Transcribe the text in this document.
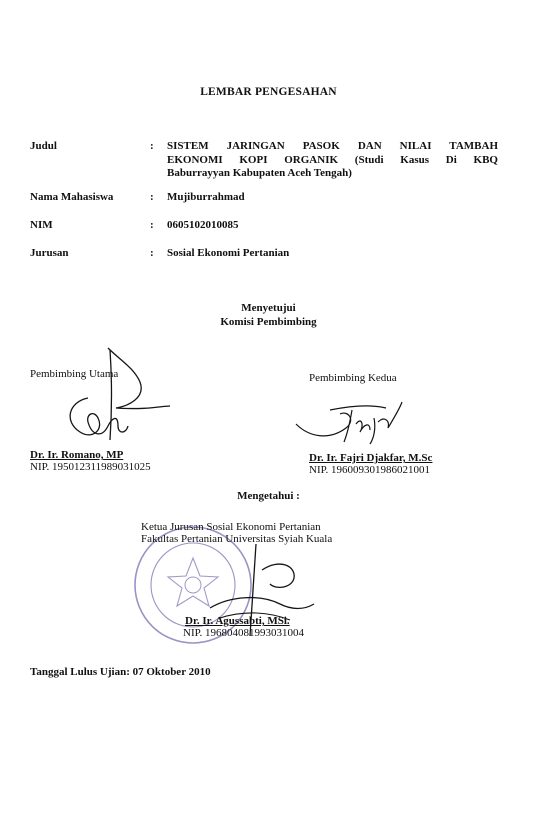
LEMBAR PENGESAHAN
Judul	: SISTEM JARINGAN PASOK DAN NILAI TAMBAH
EKONOMI KOPI ORGANIK (Studi Kasus Di KBQ
Baburrayyan Kabupaten Aceh Tengah)
Nama Mahasiswa	: Mujiburrahmad
NIM	: 0605102010085
Jurusan	: Sosial Ekonomi Pertanian
Menyetujui
Komisi Pembimbing
Pembimbing Utama
Dr. Ir. Romano, MP
NIP. 195012311989031025
Pembimbing Kedua
Dr. Ir. Fajri Djakfar, M.Sc
NIP. 196009301986021001
Mengetahui :
Ketua Jurusan Sosial Ekonomi Pertanian
Fakultas Pertanian Universitas Syiah Kuala
Dr. Ir. Agussabti, MSi.
NIP. 196804081993031004
Tanggal Lulus Ujian: 07 Oktober 2010
